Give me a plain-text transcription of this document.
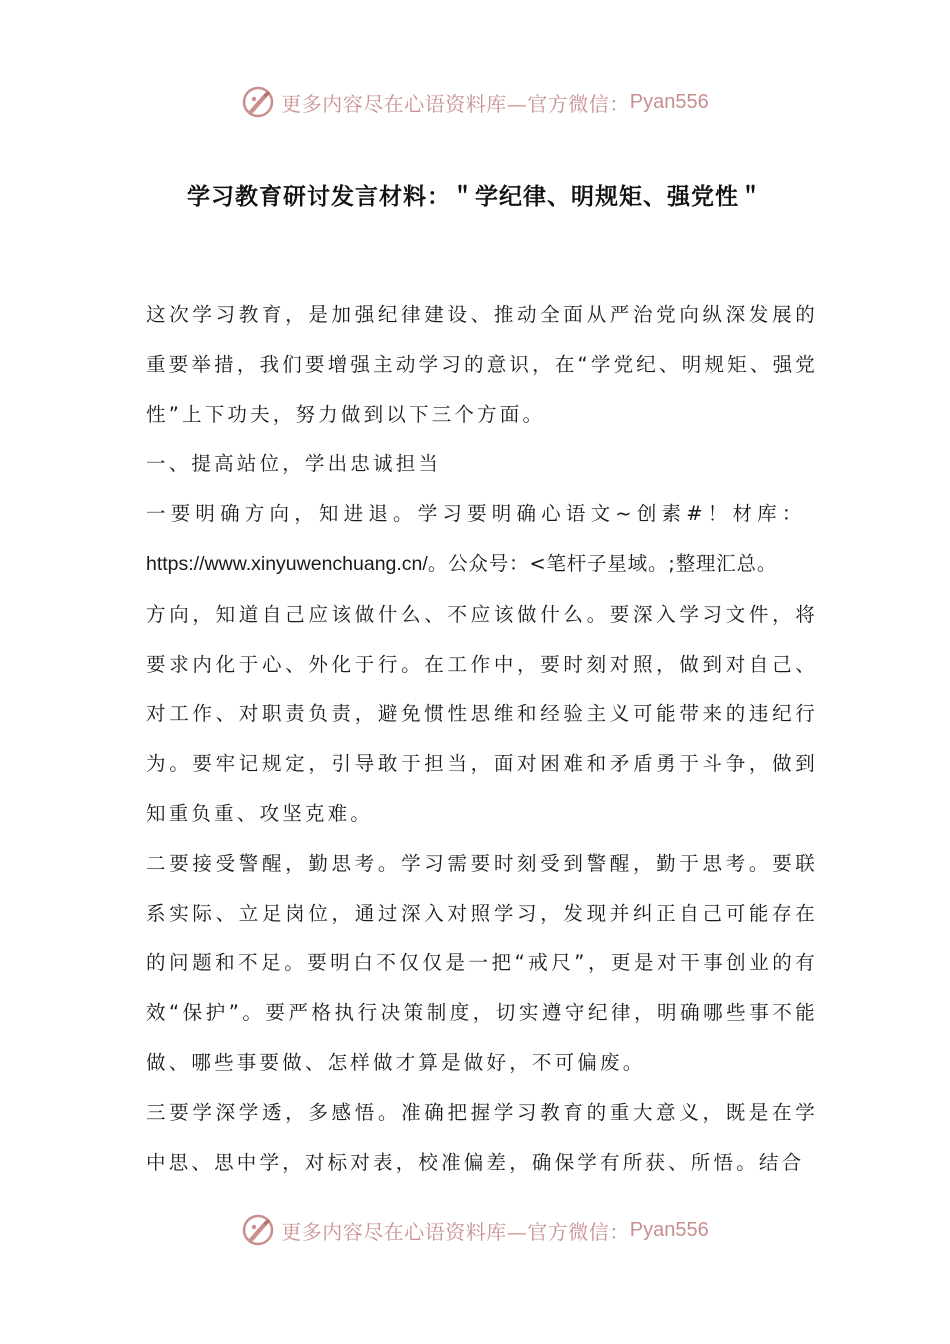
更多内容尽在心语资料库—官方微信： Pyan556
学习教育研讨发言材料：＂学纪律、明规矩、强党性＂

这次学习教育，是加强纪律建设、推动全面从严治党向纵深发展的重要举措，我们要增强主动学习的意识，在“学党纪、明规矩、强党性”上下功夫，努力做到以下三个方面。

一、提高站位，学出忠诚担当

一要明确方向，知进退。学习要明确心语文~创素#！材库：

https://www.xinyuwenchuang.cn/。公众号：<笔杆子星域。;整理汇总。

方向，知道自己应该做什么、不应该做什么。要深入学习文件，将要求内化于心、外化于行。在工作中，要时刻对照，做到对自己、对工作、对职责负责，避免惯性思维和经验主义可能带来的违纪行为。要牢记规定，引导敢于担当，面对困难和矛盾勇于斗争，做到知重负重、攻坚克难。

二要接受警醒，勤思考。学习需要时刻受到警醒，勤于思考。要联系实际、立足岗位，通过深入对照学习，发现并纠正自己可能存在的问题和不足。要明白不仅仅是一把“戒尺”，更是对干事创业的有效“保护”。要严格执行决策制度，切实遵守纪律，明确哪些事不能做、哪些事要做、怎样做才算是做好，不可偏废。

三要学深学透，多感悟。准确把握学习教育的重大意义，既是在学中思、思中学，对标对表，校准偏差，确保学有所获、所悟。结合

更多内容尽在心语资料库—官方微信： Pyan556
